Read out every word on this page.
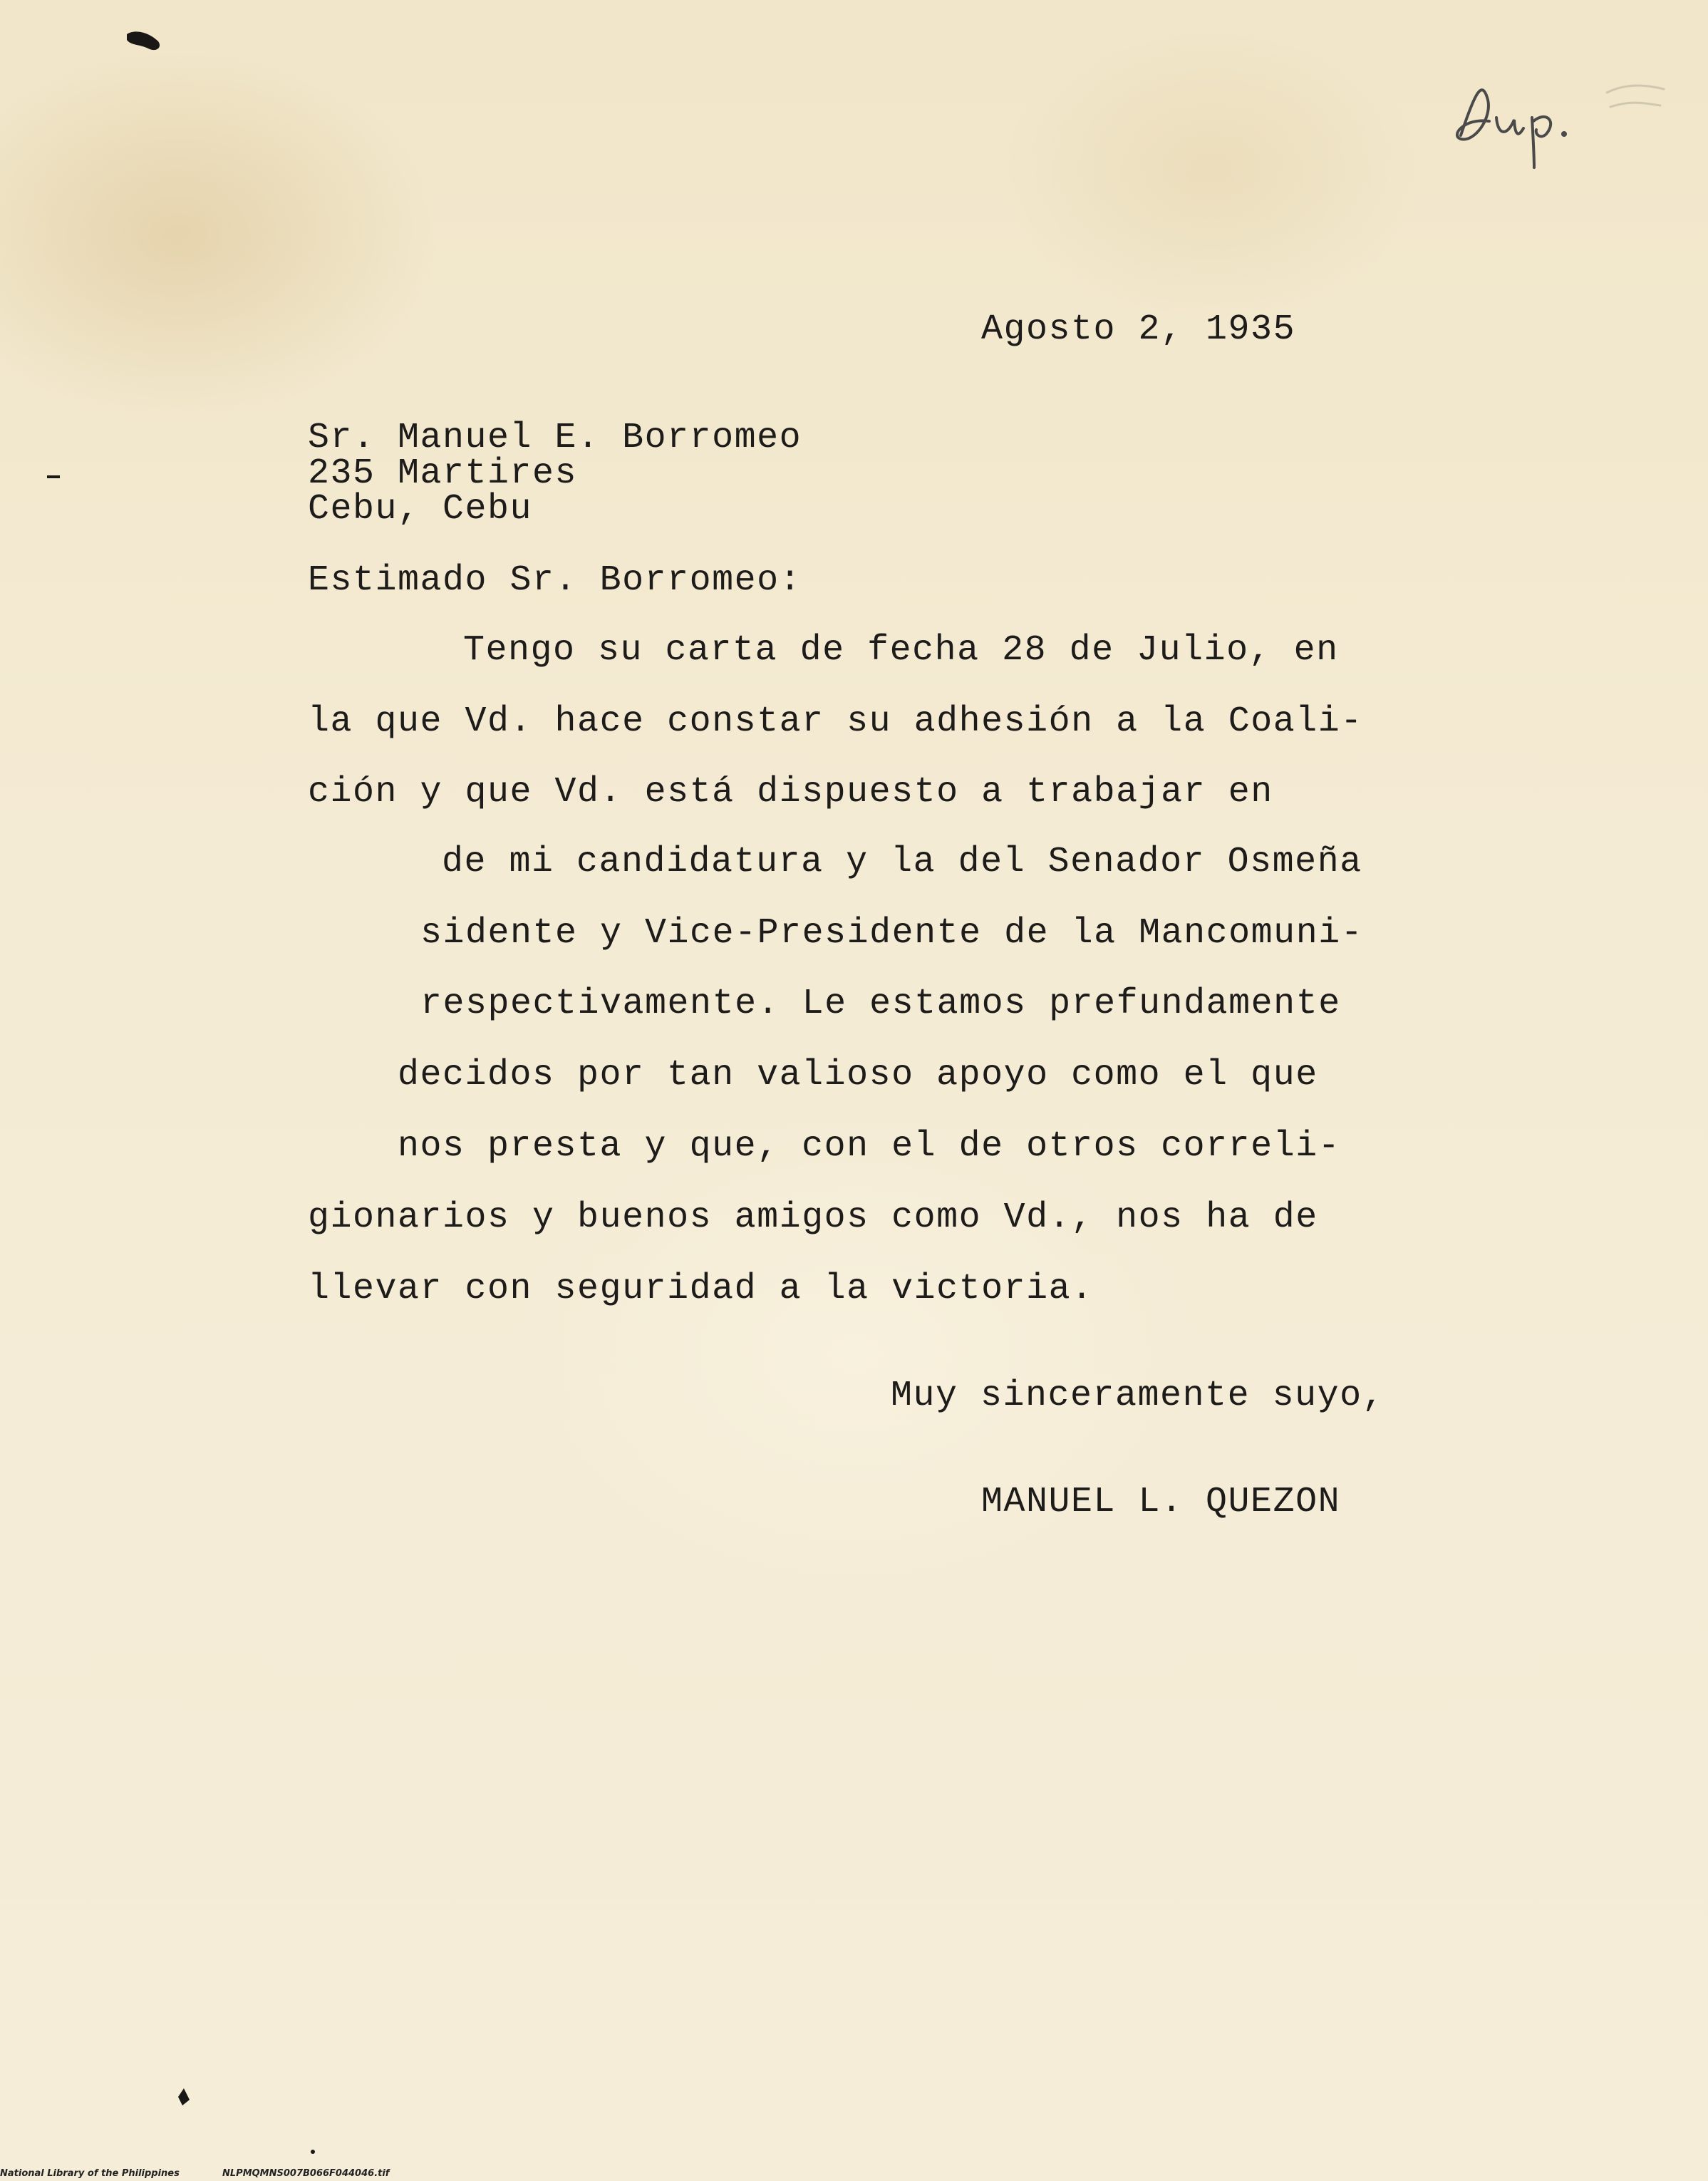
Agosto 2, 1935
Sr. Manuel E. Borromeo
235 Martires
Cebu, Cebu
Estimado Sr. Borromeo:
Tengo su carta de fecha 28 de Julio, en
la que Vd. hace constar su adhesión a la Coali-
ción y que Vd. está dispuesto a trabajar en
de mi candidatura y la del Senador Osmeña
sidente y Vice-Presidente de la Mancomuni-
respectivamente. Le estamos prefundamente
decidos por tan valioso apoyo como el que
nos presta y que, con el de otros correli-
gionarios y buenos amigos como Vd., nos ha de
llevar con seguridad a la victoria.
Muy sinceramente suyo,
MANUEL L. QUEZON
National Library of the Philippines	NLPMQMNS007B066F044046.tif
